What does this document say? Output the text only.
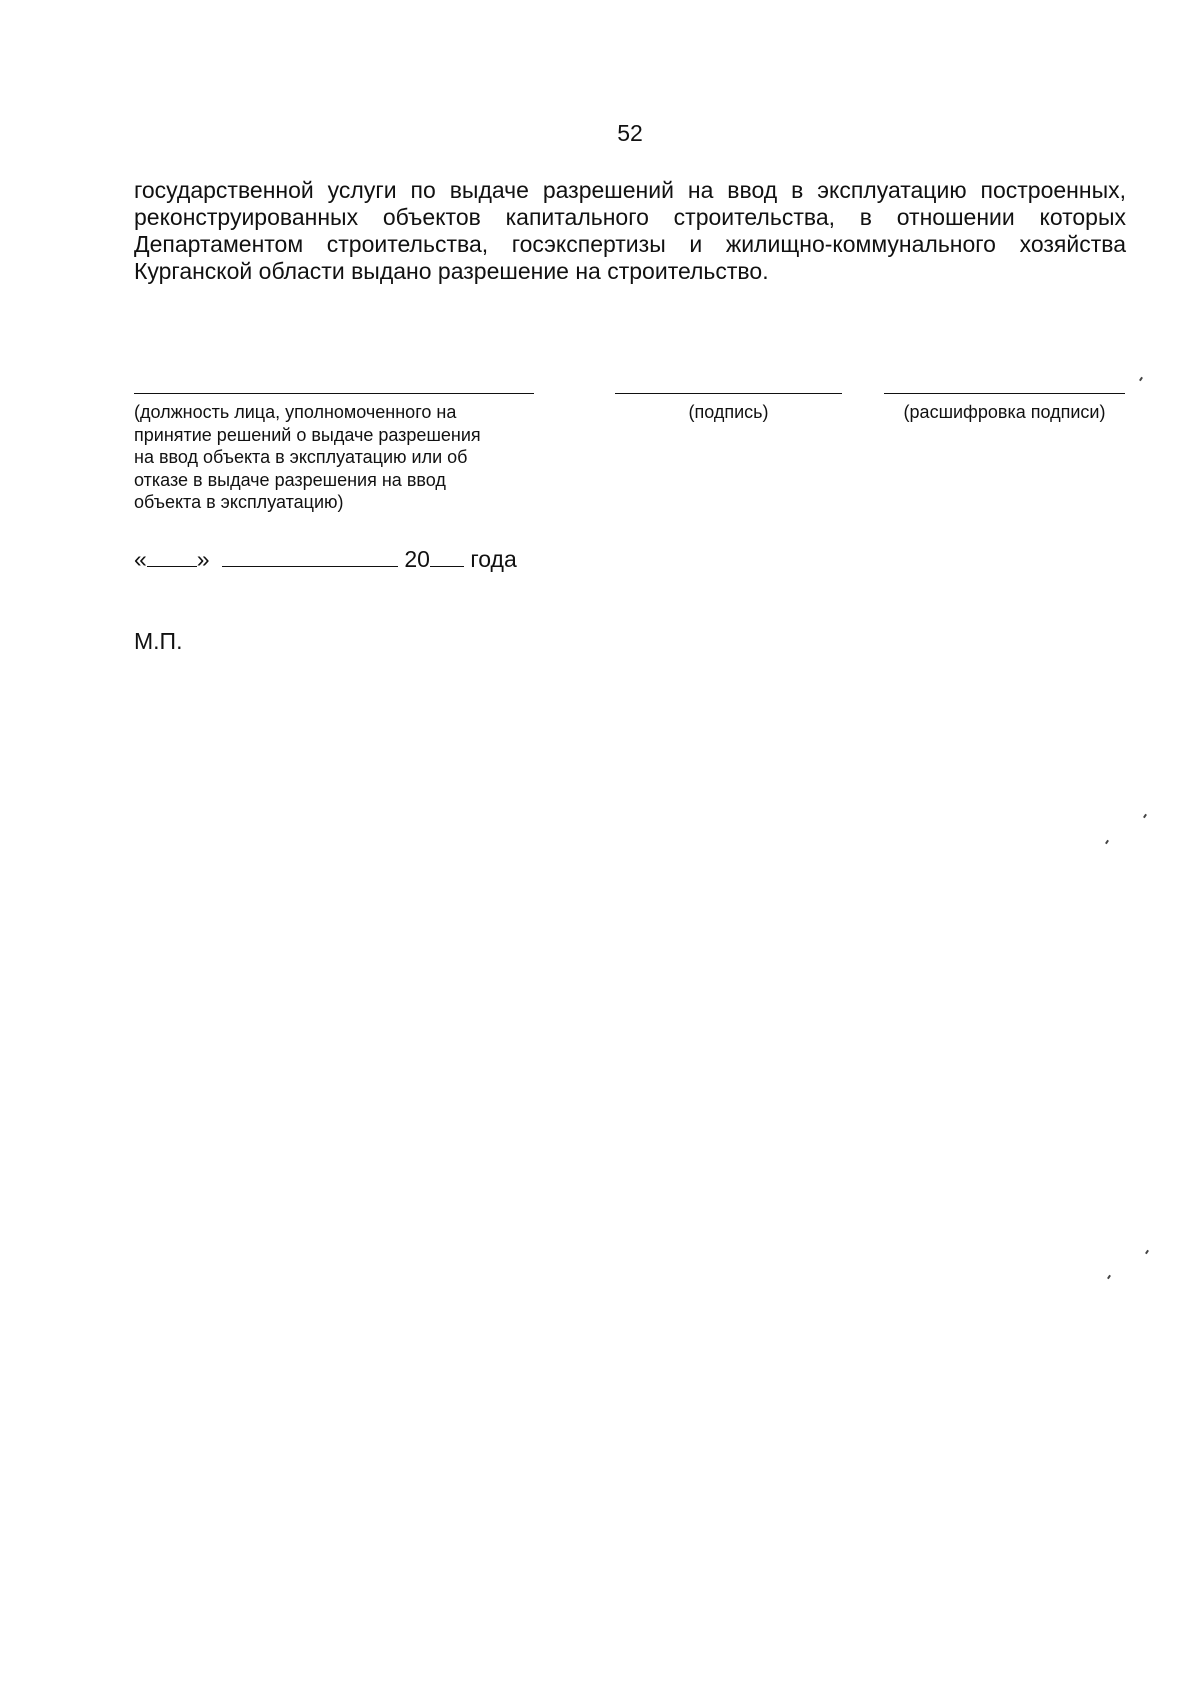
52
государственной услуги по выдаче разрешений на ввод в эксплуатацию построенных, реконструированных объектов капитального строительства, в отношении которых Департаментом строительства, госэкспертизы и жилищно-коммунального хозяйства Курганской области выдано разрешение на строительство.
(должность лица, уполномоченного на
принятие решений о выдаче разрешения
на ввод объекта в эксплуатацию или об
отказе в выдаче разрешения на ввод
объекта в эксплуатацию)
(подпись)	(расшифровка подписи)
« »	20 года
М.П.
